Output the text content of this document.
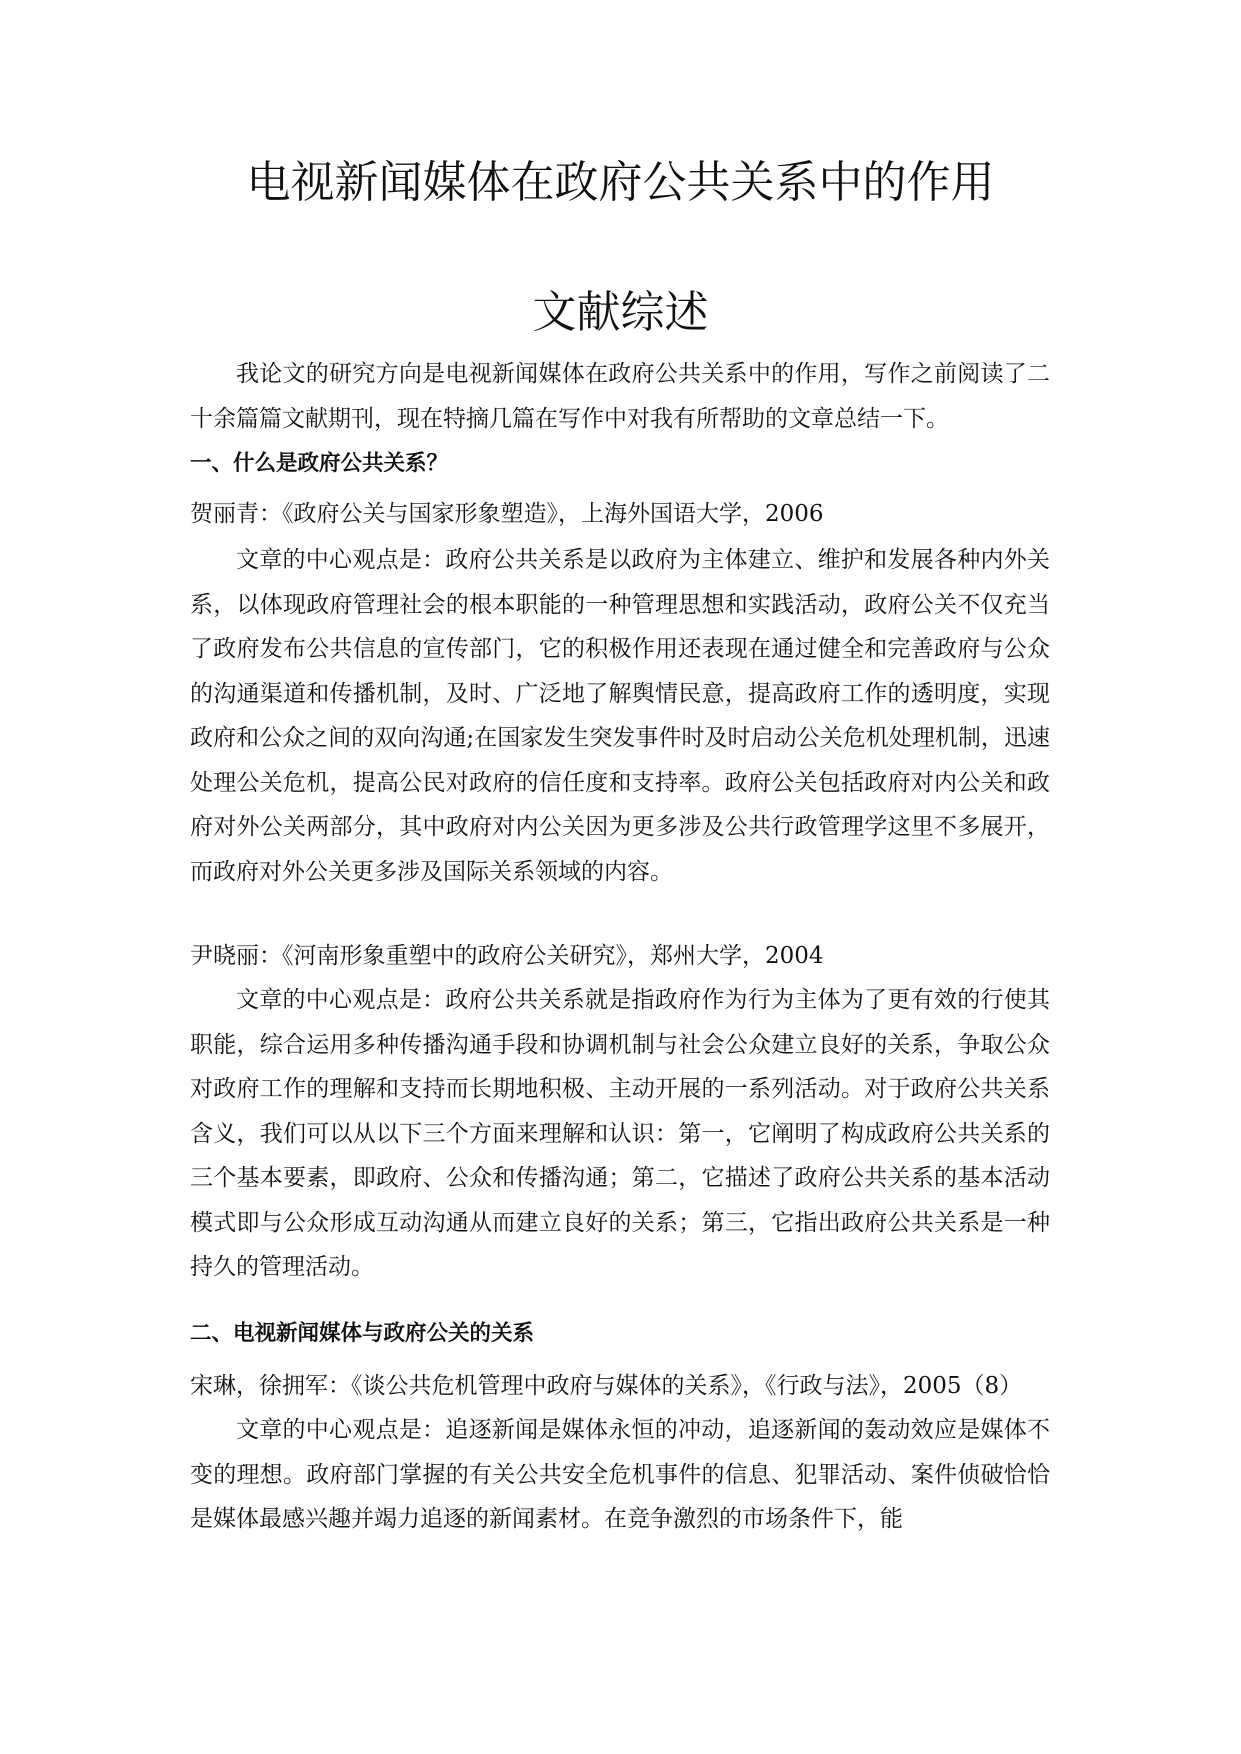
电视新闻媒体在政府公共关系中的作用
文献综述

我论文的研究方向是电视新闻媒体在政府公共关系中的作用，写作之前阅读了二十余篇篇文献期刊，现在特摘几篇在写作中对我有所帮助的文章总结一下。

一、什么是政府公共关系？

贺丽青：《政府公关与国家形象塑造》，上海外国语大学，2006

文章的中心观点是：政府公共关系是以政府为主体建立、维护和发展各种内外关系，以体现政府管理社会的根本职能的一种管理思想和实践活动，政府公关不仅充当了政府发布公共信息的宣传部门，它的积极作用还表现在通过健全和完善政府与公众的沟通渠道和传播机制，及时、广泛地了解舆情民意，提高政府工作的透明度，实现政府和公众之间的双向沟通;在国家发生突发事件时及时启动公关危机处理机制，迅速处理公关危机，提高公民对政府的信任度和支持率。政府公关包括政府对内公关和政府对外公关两部分，其中政府对内公关因为更多涉及公共行政管理学这里不多展开，而政府对外公关更多涉及国际关系领域的内容。

尹晓丽：《河南形象重塑中的政府公关研究》，郑州大学，2004

文章的中心观点是：政府公共关系就是指政府作为行为主体为了更有效的行使其职能，综合运用多种传播沟通手段和协调机制与社会公众建立良好的关系，争取公众对政府工作的理解和支持而长期地积极、主动开展的一系列活动。对于政府公共关系含义，我们可以从以下三个方面来理解和认识：第一，它阐明了构成政府公共关系的三个基本要素，即政府、公众和传播沟通；第二，它描述了政府公共关系的基本活动模式即与公众形成互动沟通从而建立良好的关系；第三，它指出政府公共关系是一种持久的管理活动。

二、电视新闻媒体与政府公关的关系

宋琳，徐拥军：《谈公共危机管理中政府与媒体的关系》，《行政与法》，2005（8）

文章的中心观点是：追逐新闻是媒体永恒的冲动，追逐新闻的轰动效应是媒体不变的理想。政府部门掌握的有关公共安全危机事件的信息、犯罪活动、案件侦破恰恰是媒体最感兴趣并竭力追逐的新闻素材。在竞争激烈的市场条件下，能
